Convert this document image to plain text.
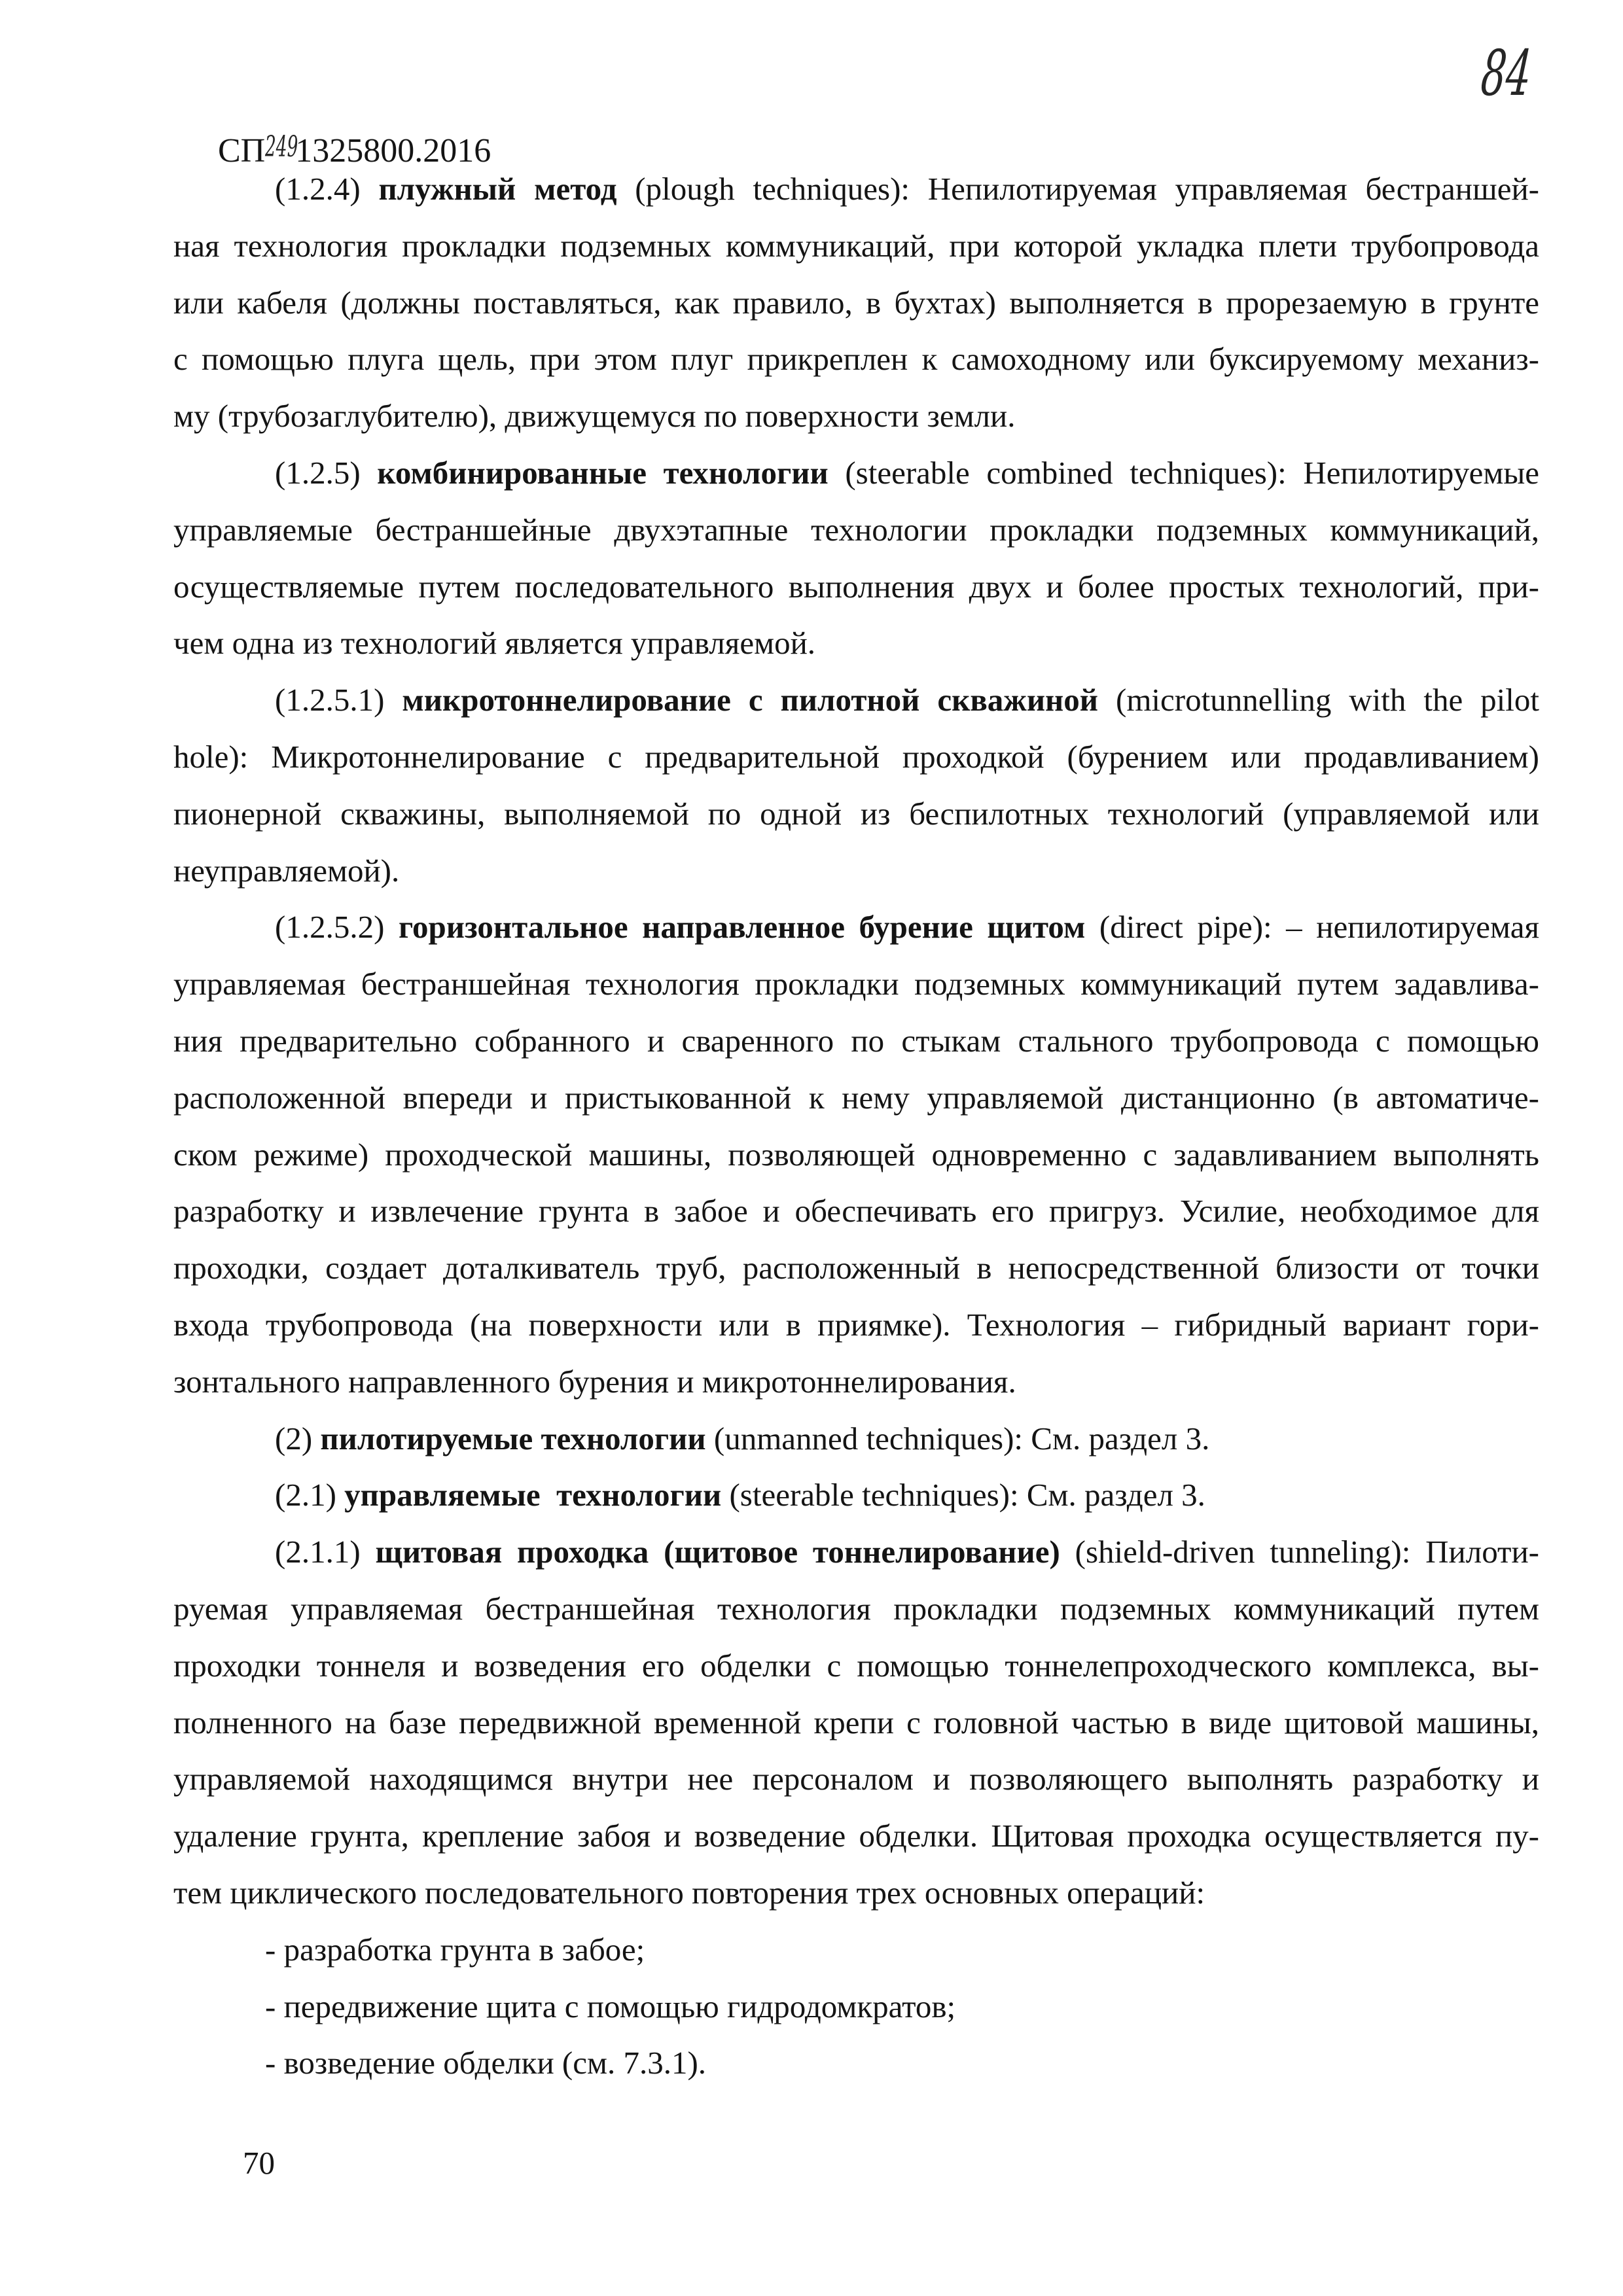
84
СП2491325800.2016
(1.2.4) плужный метод (plough techniques): Непилотируемая управляемая бестраншей-
ная технология прокладки подземных коммуникаций, при которой укладка плети трубопровода
или кабеля (должны поставляться, как правило, в бухтах) выполняется в прорезаемую в грунте
с помощью плуга щель, при этом плуг прикреплен к самоходному или буксируемому механиз-
му (трубозаглубителю), движущемуся по поверхности земли.
(1.2.5) комбинированные технологии (steerable combined techniques): Непилотируемые
управляемые бестраншейные двухэтапные технологии прокладки подземных коммуникаций,
осуществляемые путем последовательного выполнения двух и более простых технологий, при-
чем одна из технологий является управляемой.
(1.2.5.1) микротоннелирование с пилотной скважиной (microtunnelling with the pilot
hole): Микротоннелирование с предварительной проходкой (бурением или продавливанием)
пионерной скважины, выполняемой по одной из беспилотных технологий (управляемой или
неуправляемой).
(1.2.5.2) горизонтальное направленное бурение щитом (direct pipe): – непилотируемая
управляемая бестраншейная технология прокладки подземных коммуникаций путем задавлива-
ния предварительно собранного и сваренного по стыкам стального трубопровода с помощью
расположенной впереди и пристыкованной к нему управляемой дистанционно (в автоматиче-
ском режиме) проходческой машины, позволяющей одновременно с задавливанием выполнять
разработку и извлечение грунта в забое и обеспечивать его пригруз. Усилие, необходимое для
проходки, создает доталкиватель труб, расположенный в непосредственной близости от точки
входа трубопровода (на поверхности или в приямке). Технология – гибридный вариант гори-
зонтального направленного бурения и микротоннелирования.
(2) пилотируемые технологии (unmanned techniques): См. раздел 3.
(2.1) управляемые  технологии (steerable techniques): См. раздел 3.
(2.1.1) щитовая проходка (щитовое тоннелирование) (shield-driven tunneling): Пилоти-
руемая управляемая бестраншейная технология прокладки подземных коммуникаций путем
проходки тоннеля и возведения его обделки с помощью тоннелепроходческого комплекса, вы-
полненного на базе передвижной временной крепи с головной частью в виде щитовой машины,
управляемой находящимся внутри нее персоналом и позволяющего выполнять разработку и
удаление грунта, крепление забоя и возведение обделки. Щитовая проходка осуществляется пу-
тем циклического последовательного повторения трех основных операций:
- разработка грунта в забое;
- передвижение щита с помощью гидродомкратов;
- возведение обделки (см. 7.3.1).
70
